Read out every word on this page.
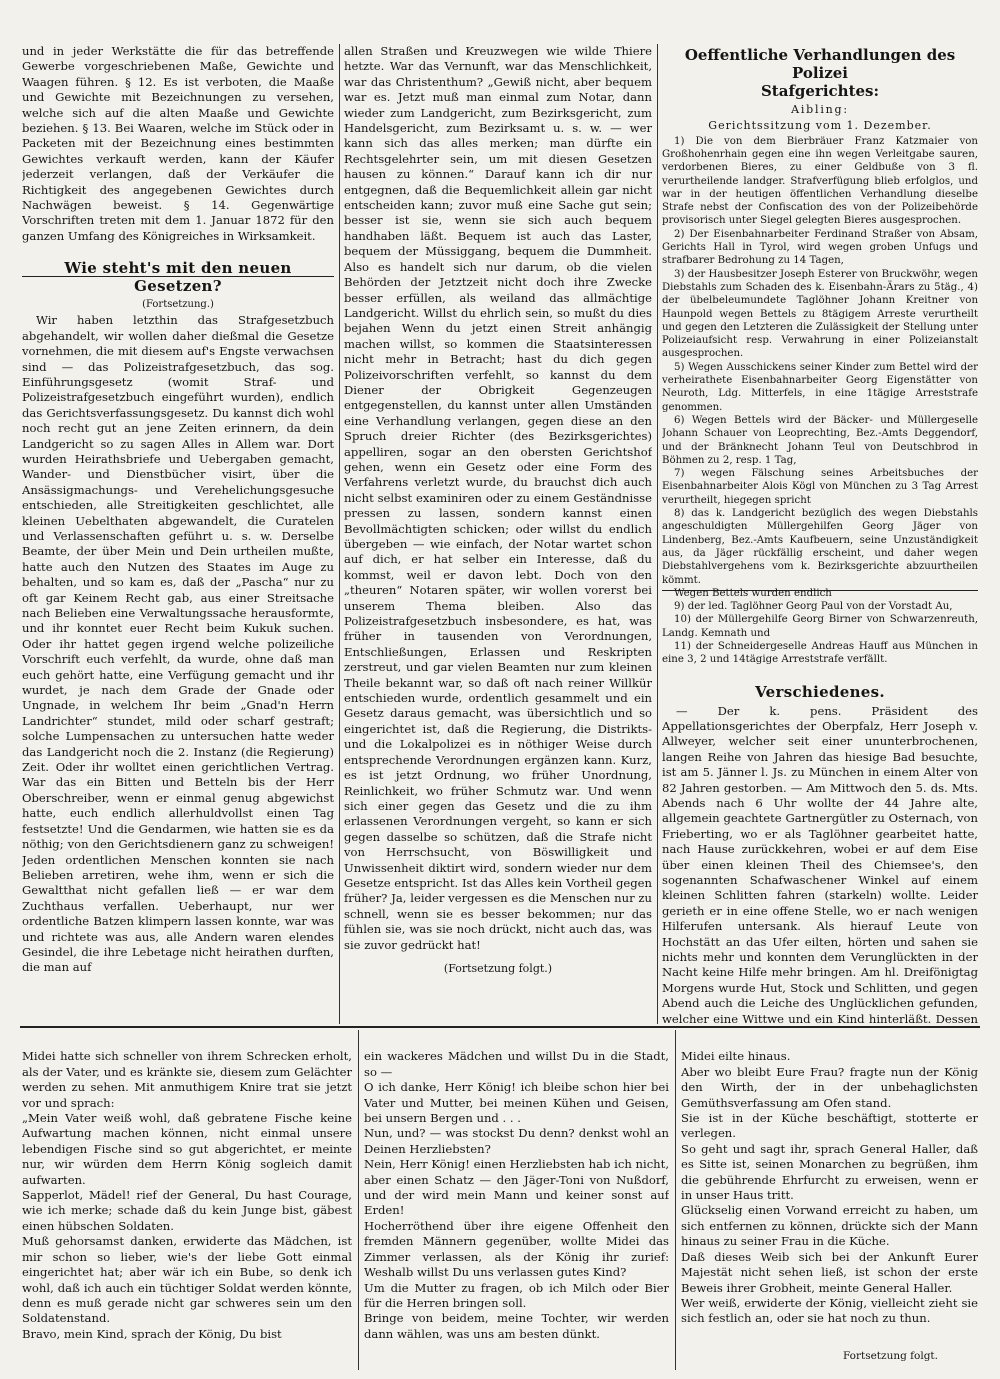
und in jeder Werkstätte die für das betreffende Gewerbe vorgeschriebenen Maße, Gewichte und Waagen führen. § 12. Es ist verboten, die Maaße und Gewichte mit Bezeichnungen zu versehen, welche sich auf die alten Maaße und Gewichte beziehen. § 13. Bei Waaren, welche im Stück oder in Packeten mit der Bezeichnung eines bestimmten Gewichtes verkauft werden, kann der Käufer jederzeit verlangen, daß der Verkäufer die Richtigkeit des angegebenen Gewichtes durch Nachwägen beweist. § 14. Gegenwärtige Vorschriften treten mit dem 1. Januar 1872 für den ganzen Umfang des Königreiches in Wirksamkeit.

Wie steht's mit den neuen Gesetzen?
(Fortsetzung.)

Wir haben letzthin das Strafgesetzbuch abgehandelt, wir wollen daher dießmal die Gesetze vornehmen, die mit diesem auf's Engste verwachsen sind — das Polizeistrafgesetzbuch, das sog. Einführungsgesetz (womit Straf- und Polizeistrafgesetzbuch eingeführt wurden), endlich das Gerichtsverfassungsgesetz. Du kannst dich wohl noch recht gut an jene Zeiten erinnern, da dein Landgericht so zu sagen Alles in Allem war. Dort wurden Heirathsbriefe und Uebergaben gemacht, Wander- und Dienstbücher visirt, über die Ansässigmachungs- und Verehelichungsgesuche entschieden, alle Streitigkeiten geschlichtet, alle kleinen Uebelthaten abgewandelt, die Curatelen und Verlassenschaften geführt u. s. w. Derselbe Beamte, der über Mein und Dein urtheilen mußte, hatte auch den Nutzen des Staates im Auge zu behalten, und so kam es, daß der „Pascha“ nur zu oft gar Keinem Recht gab, aus einer Streitsache nach Belieben eine Verwaltungssache herausformte, und ihr konntet euer Recht beim Kukuk suchen. Oder ihr hattet gegen irgend welche polizeiliche Vorschrift euch verfehlt, da wurde, ohne daß man euch gehört hatte, eine Verfügung gemacht und ihr wurdet, je nach dem Grade der Gnade oder Ungnade, in welchem Ihr beim „Gnad'n Herrn Landrichter“ stundet, mild oder scharf gestraft; solche Lumpensachen zu untersuchen hatte weder das Landgericht noch die 2. Instanz (die Regierung) Zeit. Oder ihr wolltet einen gerichtlichen Vertrag. War das ein Bitten und Betteln bis der Herr Oberschreiber, wenn er einmal genug abgewichst hatte, euch endlich allerhuldvollst einen Tag festsetzte! Und die Gendarmen, wie hatten sie es da nöthig; von den Gerichtsdienern ganz zu schweigen! Jeden ordentlichen Menschen konnten sie nach Belieben arretiren, wehe ihm, wenn er sich die Gewaltthat nicht gefallen ließ — er war dem Zuchthaus verfallen. Ueberhaupt, nur wer ordentliche Batzen klimpern lassen konnte, war was und richtete was aus, alle Andern waren elendes Gesindel, die ihre Lebetage nicht heirathen durften, die man auf

allen Straßen und Kreuzwegen wie wilde Thiere hetzte. War das Vernunft, war das Menschlichkeit, war das Christenthum? „Gewiß nicht, aber bequem war es. Jetzt muß man einmal zum Notar, dann wieder zum Landgericht, zum Bezirksgericht, zum Handelsgericht, zum Bezirksamt u. s. w. — wer kann sich das alles merken; man dürfte ein Rechtsgelehrter sein, um mit diesen Gesetzen hausen zu können.“ Darauf kann ich dir nur entgegnen, daß die Bequemlichkeit allein gar nicht entscheiden kann; zuvor muß eine Sache gut sein; besser ist sie, wenn sie sich auch bequem handhaben läßt. Bequem ist auch das Laster, bequem der Müssiggang, bequem die Dummheit. Also es handelt sich nur darum, ob die vielen Behörden der Jetztzeit nicht doch ihre Zwecke besser erfüllen, als weiland das allmächtige Landgericht. Willst du ehrlich sein, so mußt du dies bejahen Wenn du jetzt einen Streit anhängig machen willst, so kommen die Staatsinteressen nicht mehr in Betracht; hast du dich gegen Polizeivorschriften verfehlt, so kannst du dem Diener der Obrigkeit Gegenzeugen entgegenstellen, du kannst unter allen Umständen eine Verhandlung verlangen, gegen diese an den Spruch dreier Richter (des Bezirksgerichtes) appelliren, sogar an den obersten Gerichtshof gehen, wenn ein Gesetz oder eine Form des Verfahrens verletzt wurde, du brauchst dich auch nicht selbst examiniren oder zu einem Geständnisse pressen zu lassen, sondern kannst einen Bevollmächtigten schicken; oder willst du endlich übergeben — wie einfach, der Notar wartet schon auf dich, er hat selber ein Interesse, daß du kommst, weil er davon lebt. Doch von den „theuren“ Notaren später, wir wollen vorerst bei unserem Thema bleiben. Also das Polizeistrafgesetzbuch insbesondere, es hat, was früher in tausenden von Verordnungen, Entschließungen, Erlassen und Reskripten zerstreut, und gar vielen Beamten nur zum kleinen Theile bekannt war, so daß oft nach reiner Willkür entschieden wurde, ordentlich gesammelt und ein Gesetz daraus gemacht, was übersichtlich und so eingerichtet ist, daß die Regierung, die Distrikts- und die Lokalpolizei es in nöthiger Weise durch entsprechende Verordnungen ergänzen kann. Kurz, es ist jetzt Ordnung, wo früher Unordnung, Reinlichkeit, wo früher Schmutz war. Und wenn sich einer gegen das Gesetz und die zu ihm erlassenen Verordnungen vergeht, so kann er sich gegen dasselbe so schützen, daß die Strafe nicht von Herrschsucht, von Böswilligkeit und Unwissenheit diktirt wird, sondern wieder nur dem Gesetze entspricht. Ist das Alles kein Vortheil gegen früher? Ja, leider vergessen es die Menschen nur zu schnell, wenn sie es besser bekommen; nur das fühlen sie, was sie noch drückt, nicht auch das, was sie zuvor gedrückt hat!

(Fortsetzung folgt.)
Oeffentliche Verhandlungen des Polizei
Stafgerichtes:
Aibling:
Gerichtssitzung vom 1. Dezember.

1) Die von dem Bierbräuer Franz Katzmaier von Großhohenrhain gegen eine ihn wegen Verleitgabe sauren, verdorbenen Bieres, zu einer Geldbuße von 3 fl. verurtheilende landger. Strafverfügung blieb erfolglos, und war in der heutigen öffentlichen Verhandlung dieselbe Strafe nebst der Confiscation des von der Polizeibehörde provisorisch unter Siegel gelegten Bieres ausgesprochen.

2) Der Eisenbahnarbeiter Ferdinand Straßer von Absam, Gerichts Hall in Tyrol, wird wegen groben Unfugs und strafbarer Bedrohung zu 14 Tagen,

3) der Hausbesitzer Joseph Esterer von Bruckwöhr, wegen Diebstahls zum Schaden des k. Eisenbahn-Ärars zu 5täg., 4) der übelbeleumundete Taglöhner Johann Kreitner von Haunpold wegen Bettels zu 8tägigem Arreste verurtheilt und gegen den Letzteren die Zulässigkeit der Stellung unter Polizeiaufsicht resp. Verwahrung in einer Polizeianstalt ausgesprochen.

5) Wegen Ausschickens seiner Kinder zum Bettel wird der verheirathete Eisenbahnarbeiter Georg Eigenstätter von Neuroth, Ldg. Mitterfels, in eine 1tägige Arreststrafe genommen.

6) Wegen Bettels wird der Bäcker- und Müllergeselle Johann Schauer von Leoprechting, Bez.-Amts Deggendorf, und der Bränknecht Johann Teul von Deutschbrod in Böhmen zu 2, resp. 1 Tag,

7) wegen Fälschung seines Arbeitsbuches der Eisenbahnarbeiter Alois Kögl von München zu 3 Tag Arrest verurtheilt, hiegegen spricht

8) das k. Landgericht bezüglich des wegen Diebstahls angeschuldigten Müllergehilfen Georg Jäger von Lindenberg, Bez.-Amts Kaufbeuern, seine Unzuständigkeit aus, da Jäger rückfällig erscheint, und daher wegen Diebstahlvergehens vom k. Bezirksgerichte abzuurtheilen kömmt.

Wegen Bettels wurden endlich

9) der led. Taglöhner Georg Paul von der Vorstadt Au,

10) der Müllergehilfe Georg Birner von Schwarzenreuth, Landg. Kemnath und

11) der Schneidergeselle Andreas Hauff aus München in eine 3, 2 und 14tägige Arreststrafe verfällt.

Verschiedenes.

— Der k. pens. Präsident des Appellationsgerichtes der Oberpfalz, Herr Joseph v. Allweyer, welcher seit einer ununterbrochenen, langen Reihe von Jahren das hiesige Bad besuchte, ist am 5. Jänner l. Js. zu München in einem Alter von 82 Jahren gestorben. — Am Mittwoch den 5. ds. Mts. Abends nach 6 Uhr wollte der 44 Jahre alte, allgemein geachtete Gartnergütler zu Osternach, von Frieberting, wo er als Taglöhner gearbeitet hatte, nach Hause zurückkehren, wobei er auf dem Eise über einen kleinen Theil des Chiemsee's, den sogenannten Schafwaschener Winkel auf einem kleinen Schlitten fahren (starkeln) wollte. Leider gerieth er in eine offene Stelle, wo er nach wenigen Hilferufen untersank. Als hierauf Leute von Hochstätt an das Ufer eilten, hörten und sahen sie nichts mehr und konnten dem Verunglückten in der Nacht keine Hilfe mehr bringen. Am hl. Dreifönigtag Morgens wurde Hut, Stock und Schlitten, und gegen Abend auch die Leiche des Unglücklichen gefunden, welcher eine Wittwe und ein Kind hinterläßt. Dessen

Midei hatte sich schneller von ihrem Schrecken erholt, als der Vater, und es kränkte sie, diesem zum Gelächter werden zu sehen. Mit anmuthigem Knire trat sie jetzt vor und sprach:
„Mein Vater weiß wohl, daß gebratene Fische keine Aufwartung machen können, nicht einmal unsere lebendigen Fische sind so gut abgerichtet, er meinte nur, wir würden dem Herrn König sogleich damit aufwarten.
Sapperlot, Mädel! rief der General, Du hast Courage, wie ich merke; schade daß du kein Junge bist, gäbest einen hübschen Soldaten.
Muß gehorsamst danken, erwiderte das Mädchen, ist mir schon so lieber, wie's der liebe Gott einmal eingerichtet hat; aber wär ich ein Bube, so denk ich wohl, daß ich auch ein tüchtiger Soldat werden könnte, denn es muß gerade nicht gar schweres sein um den Soldatenstand.
Bravo, mein Kind, sprach der König, Du bist

ein wackeres Mädchen und willst Du in die Stadt, so —
O ich danke, Herr König! ich bleibe schon hier bei Vater und Mutter, bei meinen Kühen und Geisen, bei unsern Bergen und . . .
Nun, und? — was stockst Du denn? denkst wohl an Deinen Herzliebsten?
Nein, Herr König! einen Herzliebsten hab ich nicht, aber einen Schatz — den Jäger-Toni von Nußdorf, und der wird mein Mann und keiner sonst auf Erden!
Hocherröthend über ihre eigene Offenheit den fremden Männern gegenüber, wollte Midei das Zimmer verlassen, als der König ihr zurief: Weshalb willst Du uns verlassen gutes Kind?
Um die Mutter zu fragen, ob ich Milch oder Bier für die Herren bringen soll.
Bringe von beidem, meine Tochter, wir werden dann wählen, was uns am besten dünkt.

Midei eilte hinaus.
Aber wo bleibt Eure Frau? fragte nun der König den Wirth, der in der unbehaglichsten Gemüthsverfassung am Ofen stand.
Sie ist in der Küche beschäftigt, stotterte er verlegen.
So geht und sagt ihr, sprach General Haller, daß es Sitte ist, seinen Monarchen zu begrüßen, ihm die gebührende Ehrfurcht zu erweisen, wenn er in unser Haus tritt.
Glückselig einen Vorwand erreicht zu haben, um sich entfernen zu können, drückte sich der Mann hinaus zu seiner Frau in die Küche.
Daß dieses Weib sich bei der Ankunft Eurer Majestät nicht sehen ließ, ist schon der erste Beweis ihrer Grobheit, meinte General Haller.
Wer weiß, erwiderte der König, vielleicht zieht sie sich festlich an, oder sie hat noch zu thun.

Fortsetzung folgt.
